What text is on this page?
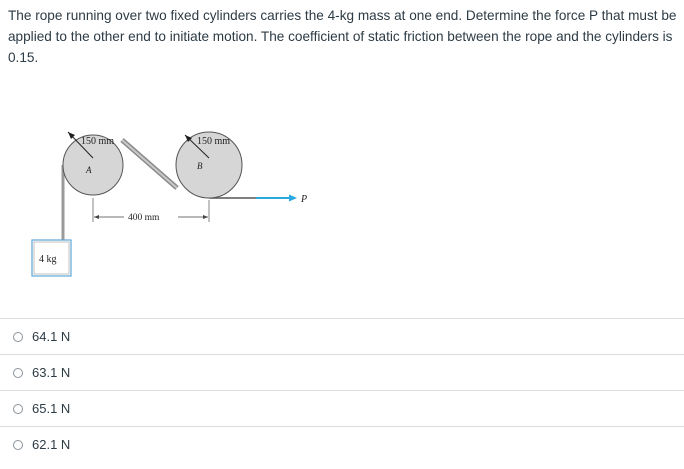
The rope running over two fixed cylinders carries the 4-kg mass at one end. Determine the force P that must be applied to the other end to initiate motion. The coefficient of static friction between the rope and the cylinders is 0.15.

150 mm
A
150 mm
B
400 mm
P
4 kg
64.1 N
63.1 N
65.1 N
62.1 N
